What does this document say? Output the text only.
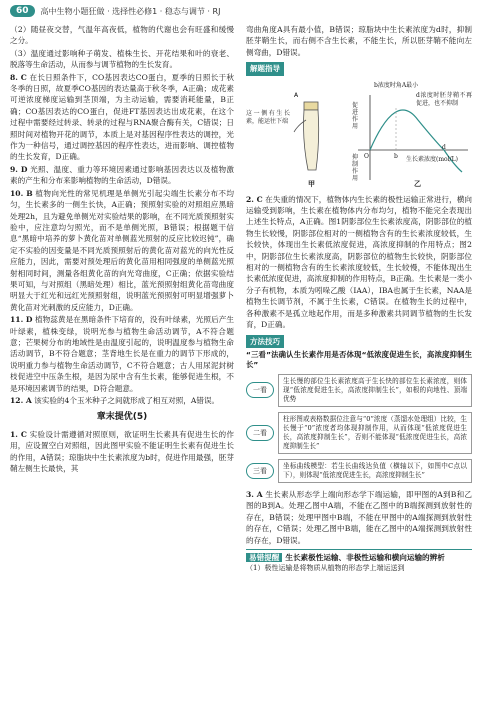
60	高中生物小题狂做 · 选择性必修1 · 稳态与调节 · RJ

（2）随昼夜交替，气温年高夜低，植物的代谢也会有旺盛和缓慢之分。

（3）温度通过影响种子萌发、植株生长、开花结果和叶的衰老、脱落等生命活动，从而参与调节植物的生长发育。

8. C 在长日照条件下，CO基因表达CO蛋白，夏季的日照长于秋冬季的日照，故夏季CO基因的表达量高于秋冬季，A正确；成花素可逆浓度梯度运输到茎顶端，为主动运输，需要消耗能量，B正确；CO基因表达的CO蛋白，促进FT基因表达出成花素，在这个过程中需要经过转录、转录的过程与RNA聚合酶有关，C错误；日照时间对植物开花的调节，本质上是对基因程序性表达的调控，光作为一种信号，通过调控基因的程序性表达，进而影响、调控植物的生长发育，D正确。

9. D 光照、温度、重力等环境因素通过影响基因表达以及植物激素的产生和分布来影响植物的生命活动，D错误。

10. B 植物向光性的常见机理是单侧光引起尖端生长素分布不均匀，生长素多的一侧生长快，A正确；预照射实验的对照组应黑暗处理2h，且为避免单侧光对实验结果的影响，在不同光质预照射实验中，应注意均匀照光，而不是单侧光照，B错误；根据题干信息“黑暗中培养的萝卜黄化苗对单侧蓝光照射的反应比较迟钝”，确定不实验的因变量是不同光质预照射后的黄化苗对蓝光的向光性反应能力，因此，需要对预处理后的黄化苗用相同强度的单侧蓝光照射相同时间，测量各组黄化苗的向光弯曲度，C正确；依据实验结果可知，与对照组（黑暗处理）相比，蓝光预照射组黄化苗弯曲度明显大于红光和远红光预照射组，说明蓝光预照射可明显增强萝卜黄化苗对光刺激的反应能力，D正确。

11. D 植物蕊黄是在黑暗条件下培育的，没有叶绿素，光照后产生叶绿素，植株变绿，说明光参与植物生命活动调节，A不符合题意；芒果树分布的地域性是由温度引起的，说明温度参与植物生命活动调节，B不符合题意；茎背地生长是在重力的调节下形成的，说明重力参与植物生命活动调节，C不符合题意；古人用尿泥封树枝促进空中压条生根，是因为尿中含有生长素，能够促进生根，不是环境因素调节的结果，D符合题意。

12. A 该实验的4个玉米种子之间就形成了相互对照，A错误。

章末提优(5)

1. C 实验设计需遵循对照原则，欲证明生长素具有促进生长的作用，应设置空白对照组，因此图甲实验不能证明生长素有促进生长的作用，A错误；琼脂块中生长素浓度为b时，促进作用最强，胚芽鞘左侧生长最快，其

弯曲角度A具有最小值，B错误；琼脂块中生长素浓度为d时，抑制胚芽鞘生长，而右侧不含生长素，不能生长，所以胚芽鞘不能向左侧弯曲，D错误。

解题指导
A
这一侧有生长素，能运往下端
b浓度时角A最小
促进作用
抑制作用
d浓度时胚芽鞘不再促进，也不抑制
生长素浓度(mol/L)
O	b
d
甲	乙

2. C 在失重的情况下，植物体内生长素的极性运输正常进行，横向运输受到影响，生长素在植物体内分布均匀，植物不能完全表现出上述生长特点，A正确。图1阴影部位生长素浓度高，阴影部位的植物生长较慢，阴影部位相对的一侧植物含有的生长素浓度较低，生长较快，体现出生长素低浓度促进，高浓度抑制的作用特点；图2中，阴影部位生长素浓度高，阴影部位的植物生长较快，阴影部位相对的一侧植物含有的生长素浓度较低，生长较慢，不能体现出生长素低浓度促进，高浓度抑制的作用特点，B正确。生长素是一类小分子有机物，本质为吲哚乙酸（IAA），IBA也属于生长素，NAA是植物生长调节剂，不属于生长素，C错误。在植物生长的过程中，各种激素不是孤立地起作用，而是多种激素共同调节植物的生长发育，D正确。

方法技巧
“三看”法确认生长素作用是否体现“低浓度促进生长，高浓度抑制生长”
一看
生长慢的部位生长素浓度高于生长快的部位生长素浓度，则体现“低浓度促进生长，高浓度抑制生长”，如根的向地性、顶端优势
二看
柱形图或表格数据位注意与“0”浓度（蒸馏水处理组）比较，生长慢于“0”浓度者均体现抑制作用，从而体现“低浓度促进生长，高浓度抑制生长”，否则不能体现“低浓度促进生长，高浓度抑制生长”
三看
坐标曲线模型：若生长曲线达负值（横轴以下，如图中C点以下），则体现“低浓度促进生长，高浓度抑制生长”

3. A 生长素从形态学上端向形态学下端运输，即甲图的A到B和乙图的B到A。处理乙图中A端，不能在乙图中的B端探测到放射性的存在，B错误；处理甲图中B端，不能在甲图中的A端探测到放射性的存在，C错误；处理乙图中B端，能在乙图中的A端探测到放射性的存在，D错误。

易错提醒 生长素极性运输、非极性运输和横向运输的辨析

（1）极性运输是将物质从植物的形态学上端运送到
